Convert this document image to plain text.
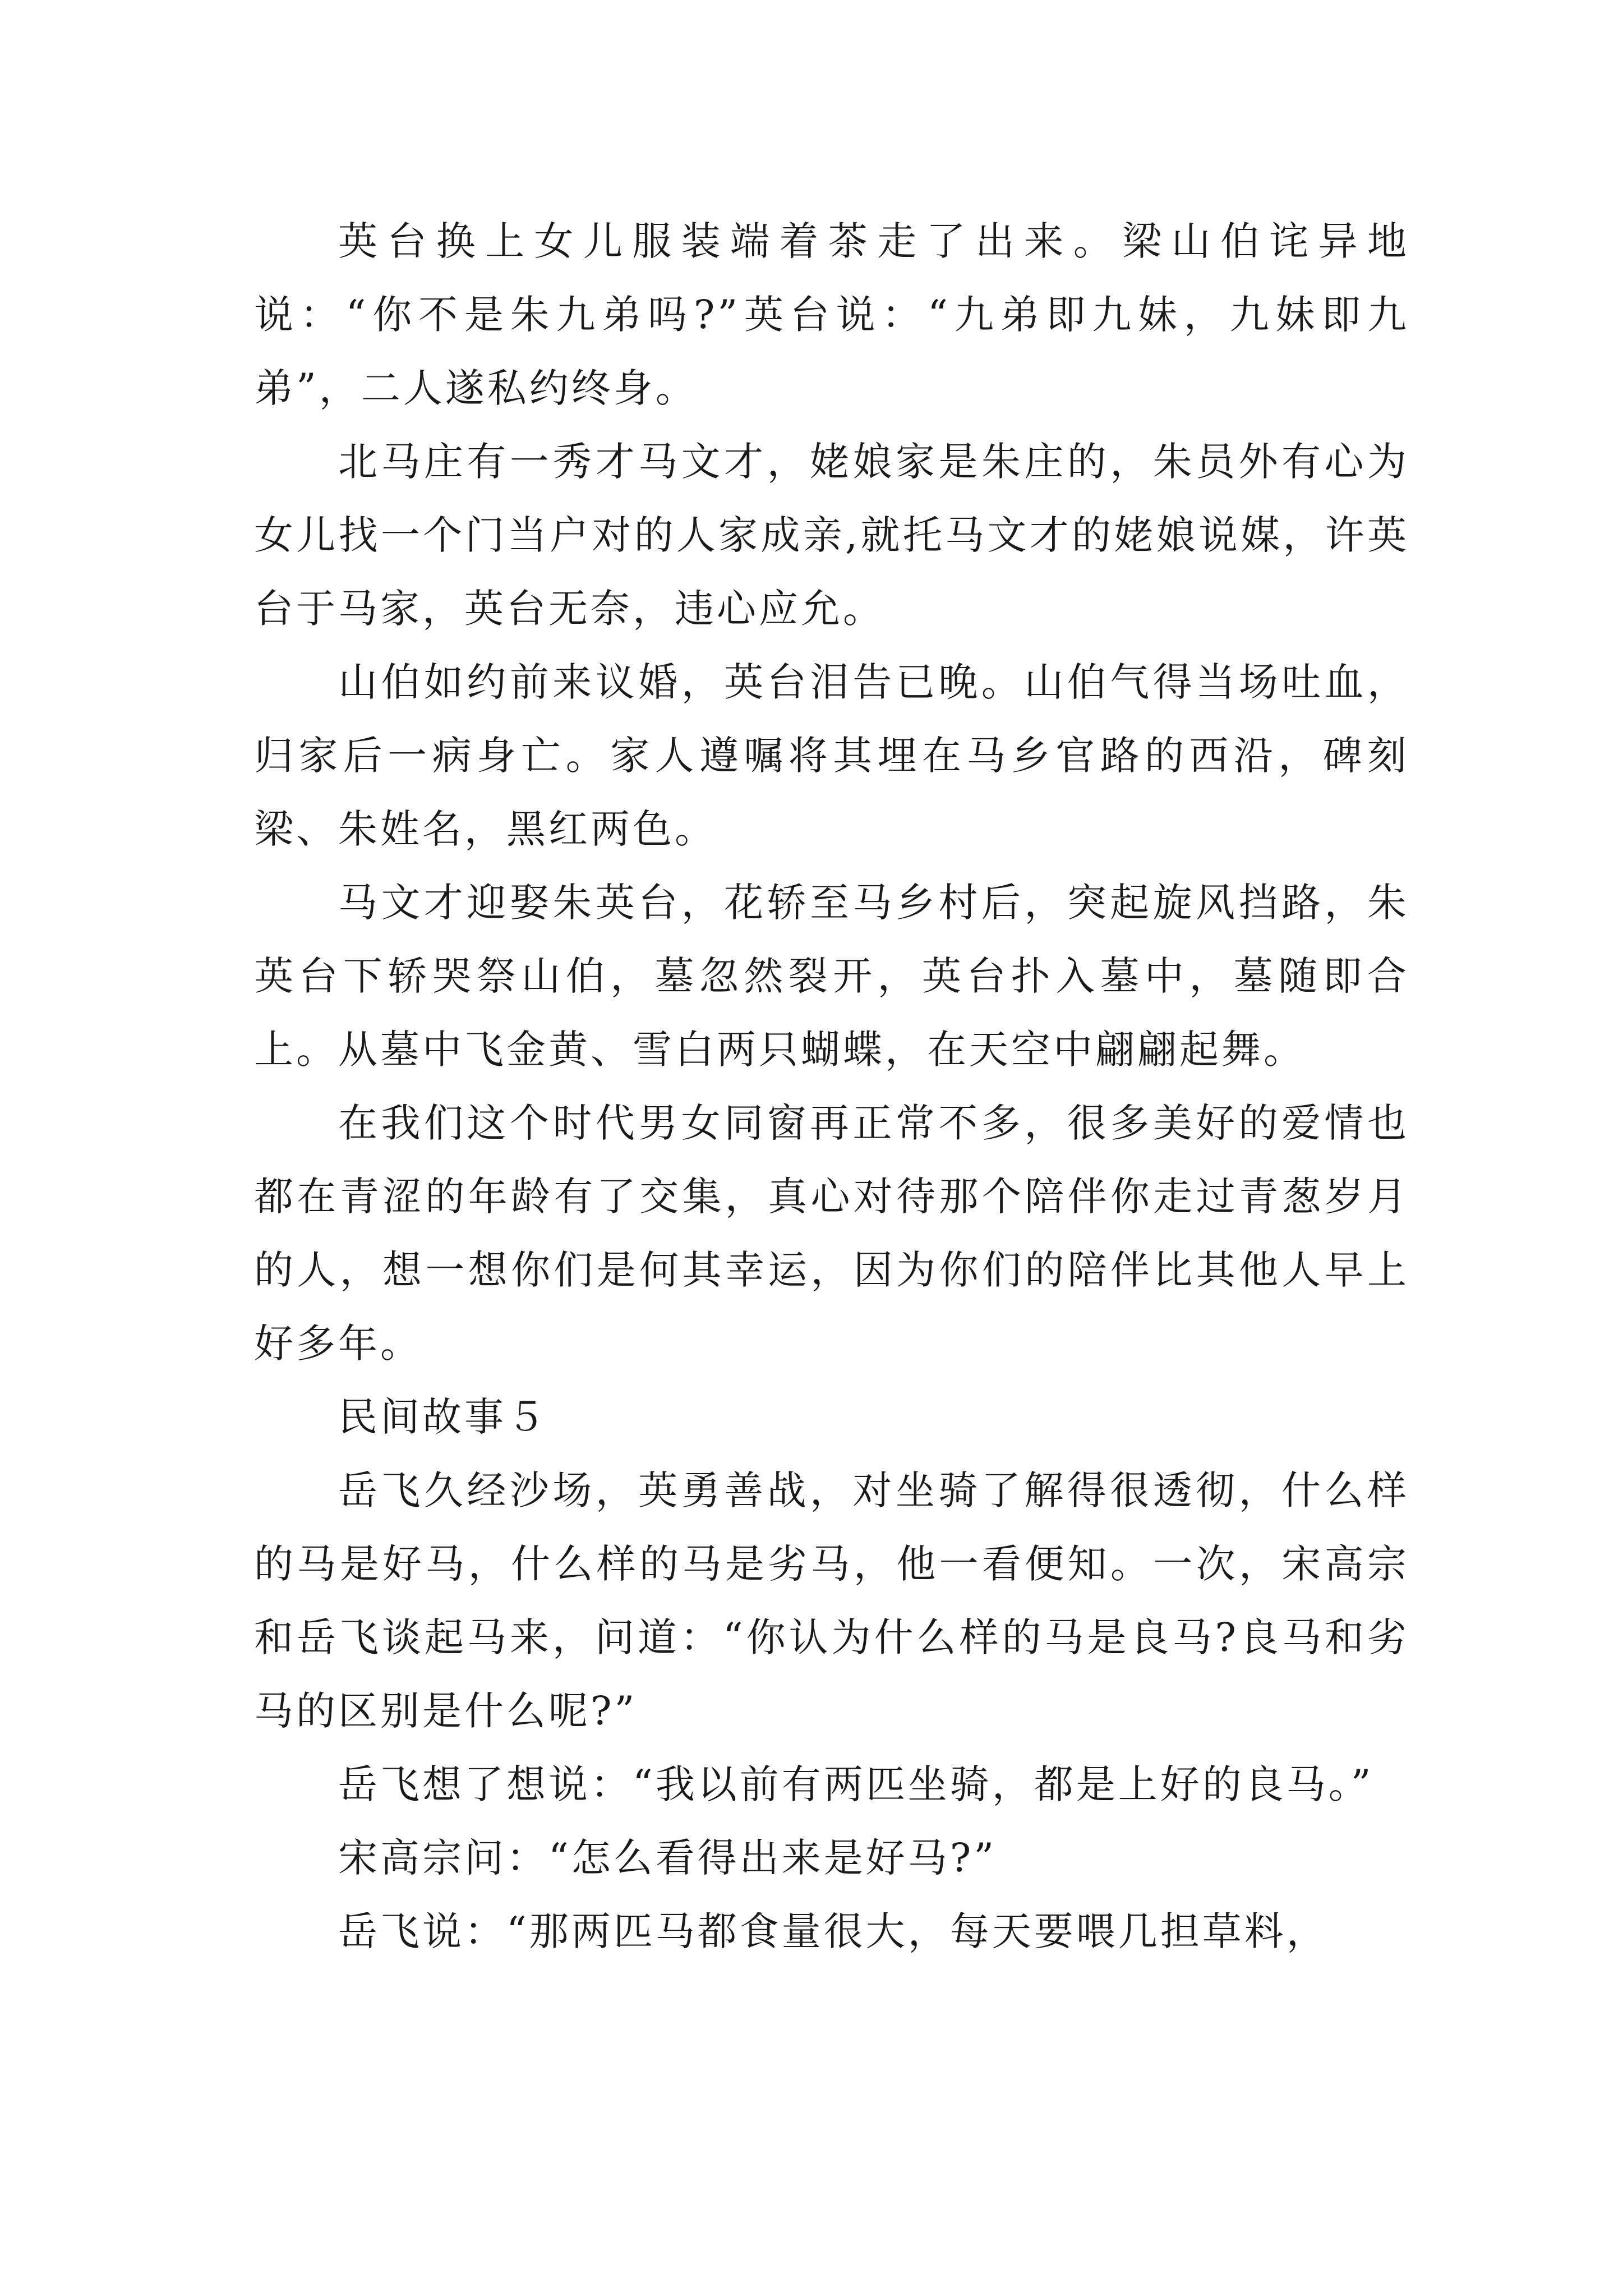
英台换上女儿服装端着茶走了出来。梁山伯诧异地说：“你不是朱九弟吗?”英台说：“九弟即九妹，九妹即九弟”，二人遂私约终身。

北马庄有一秀才马文才，姥娘家是朱庄的，朱员外有心为女儿找一个门当户对的人家成亲,就托马文才的姥娘说媒，许英台于马家，英台无奈，违心应允。

山伯如约前来议婚，英台泪告已晚。山伯气得当场吐血，归家后一病身亡。家人遵嘱将其埋在马乡官路的西沿，碑刻梁、朱姓名，黑红两色。

马文才迎娶朱英台，花轿至马乡村后，突起旋风挡路，朱英台下轿哭祭山伯，墓忽然裂开，英台扑入墓中，墓随即合上。从墓中飞金黄、雪白两只蝴蝶，在天空中翩翩起舞。

在我们这个时代男女同窗再正常不多，很多美好的爱情也都在青涩的年龄有了交集，真心对待那个陪伴你走过青葱岁月的人，想一想你们是何其幸运，因为你们的陪伴比其他人早上好多年。

民间故事５

岳飞久经沙场，英勇善战，对坐骑了解得很透彻，什么样的马是好马，什么样的马是劣马，他一看便知。一次，宋高宗和岳飞谈起马来，问道：“你认为什么样的马是良马?良马和劣马的区别是什么呢?”

岳飞想了想说：“我以前有两匹坐骑，都是上好的良马。”

宋高宗问：“怎么看得出来是好马?”

岳飞说：“那两匹马都食量很大，每天要喂几担草料，
